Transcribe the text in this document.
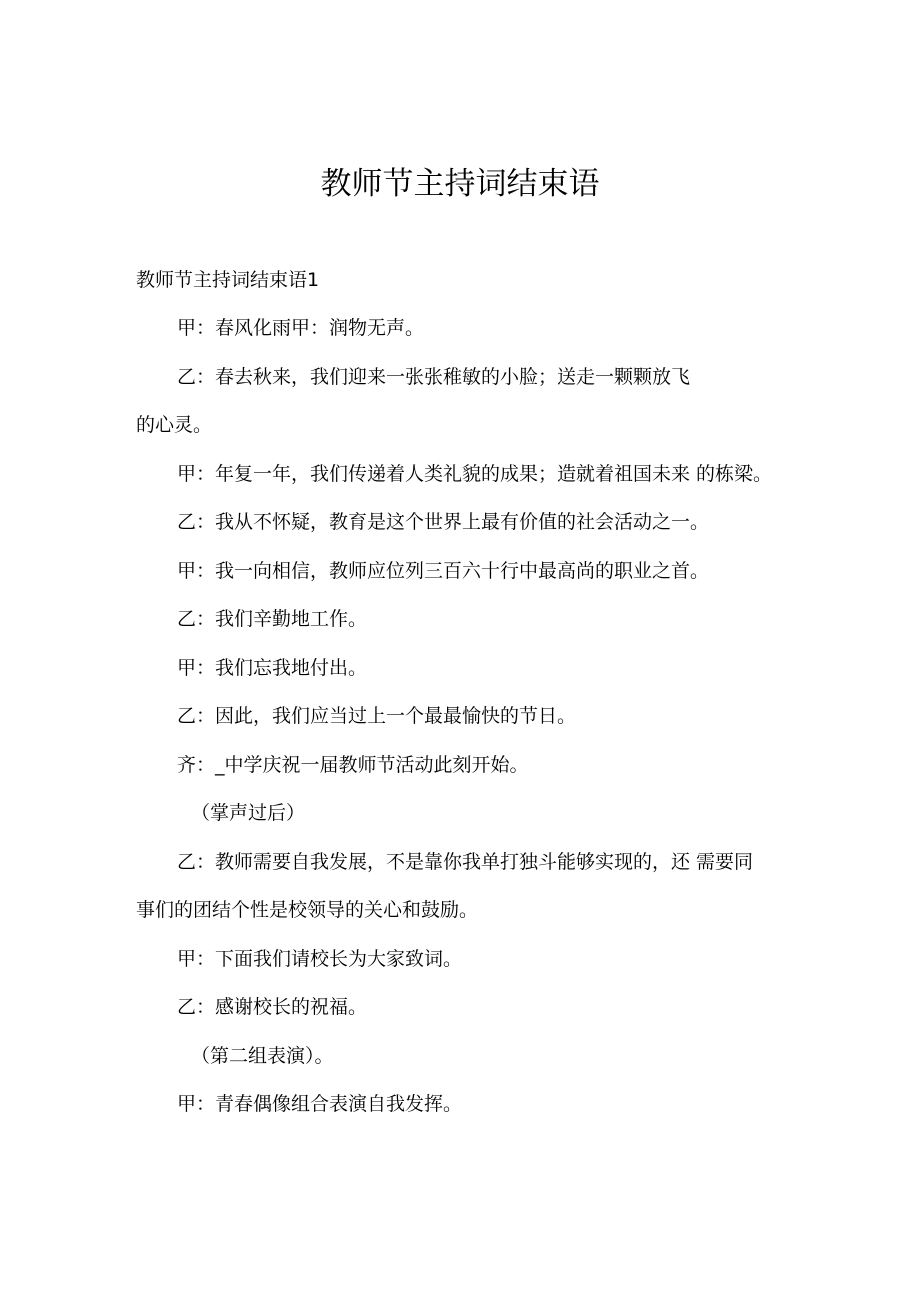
教师节主持词结束语
教师节主持词结束语1
甲：春风化雨甲：润物无声。
乙：春去秋来，我们迎来一张张稚敏的小脸；送走一颗颗放飞
的心灵。
甲：年复一年，我们传递着人类礼貌的成果；造就着祖国未来 的栋梁。
乙：我从不怀疑，教育是这个世界上最有价值的社会活动之一。
甲：我一向相信，教师应位列三百六十行中最高尚的职业之首。
乙：我们辛勤地工作。
甲：我们忘我地付出。
乙：因此，我们应当过上一个最最愉快的节日。
齐：_中学庆祝一届教师节活动此刻开始。
（掌声过后）
乙：教师需要自我发展，不是靠你我单打独斗能够实现的，还 需要同
事们的团结个性是校领导的关心和鼓励。
甲：下面我们请校长为大家致词。
乙：感谢校长的祝福。
（第二组表演）。
甲：青春偶像组合表演自我发挥。
